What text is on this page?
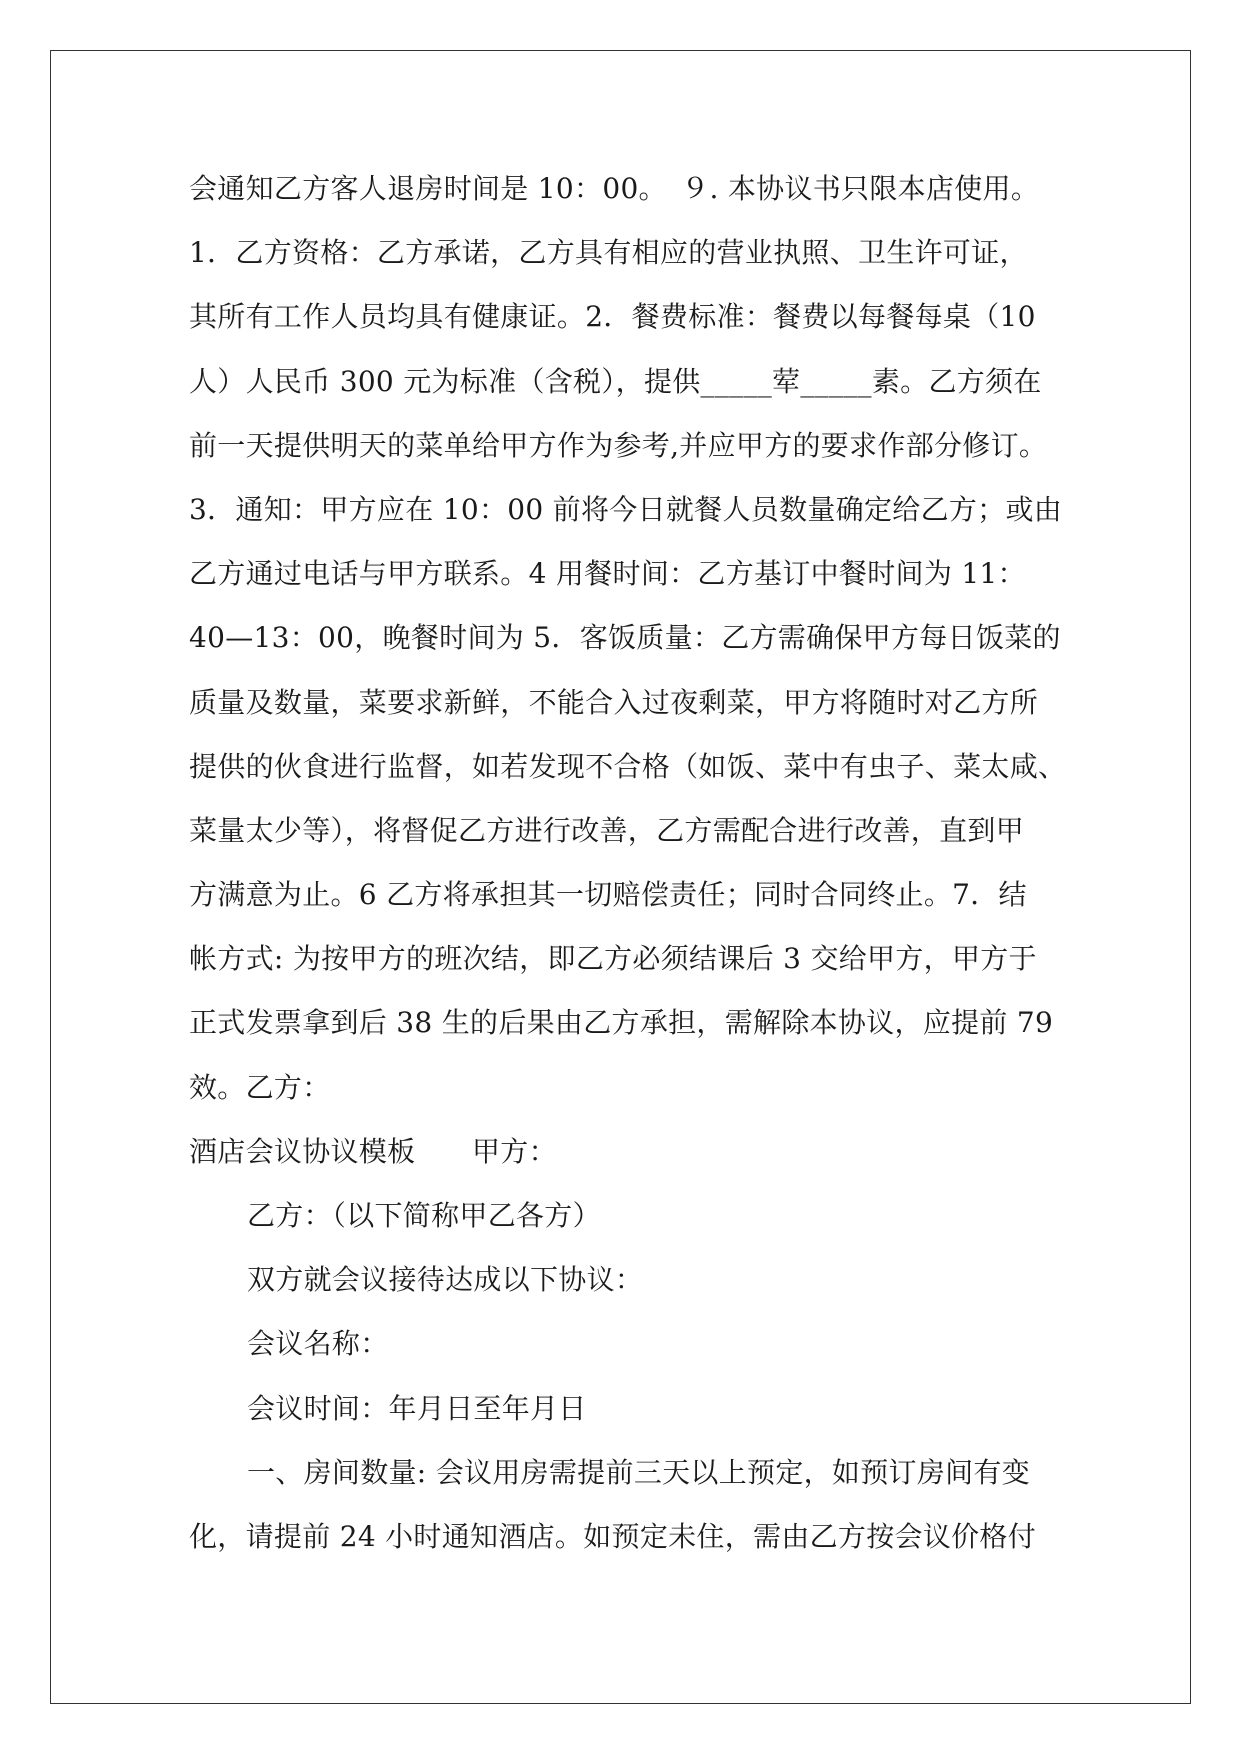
会通知乙方客人退房时间是 10：00。　９. 本协议书只限本店使用。
1．乙方资格：乙方承诺，乙方具有相应的营业执照、卫生许可证，
其所有工作人员均具有健康证。2．餐费标准：餐费以每餐每桌（10
人）人民币 300 元为标准（含税），提供_____荤_____素。乙方须在
前一天提供明天的菜单给甲方作为参考,并应甲方的要求作部分修订。
3．通知：甲方应在 10：00 前将今日就餐人员数量确定给乙方；或由
乙方通过电话与甲方联系。4 用餐时间：乙方基订中餐时间为 11：
40—13：00，晚餐时间为 5．客饭质量：乙方需确保甲方每日饭菜的
质量及数量，菜要求新鲜，不能合入过夜剩菜，甲方将随时对乙方所
提供的伙食进行监督，如若发现不合格（如饭、菜中有虫子、菜太咸、
菜量太少等），将督促乙方进行改善，乙方需配合进行改善，直到甲
方满意为止。6 乙方将承担其一切赔偿责任；同时合同终止。7．结
帐方式: 为按甲方的班次结，即乙方必须结课后 3 交给甲方，甲方于
正式发票拿到后 38 生的后果由乙方承担，需解除本协议，应提前 79
效。乙方：
酒店会议协议模板　　甲方：
乙方：（以下简称甲乙各方）
双方就会议接待达成以下协议：
会议名称：
会议时间：年月日至年月日
一、房间数量: 会议用房需提前三天以上预定，如预订房间有变
化，请提前 24 小时通知酒店。如预定未住，需由乙方按会议价格付
